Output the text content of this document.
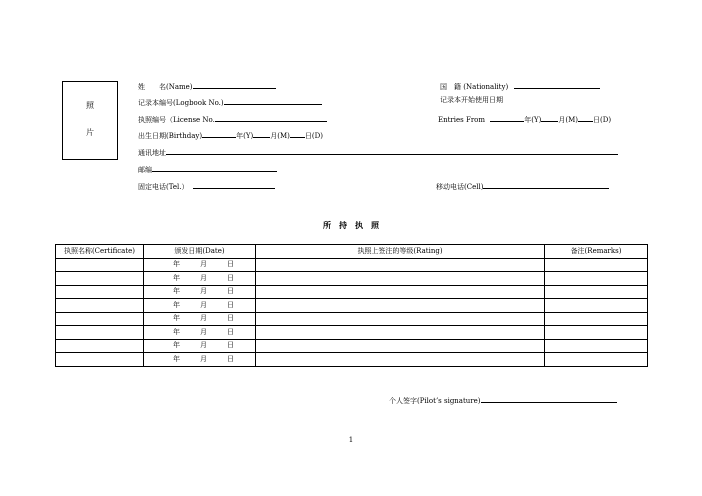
照
片
姓　　名(Name)	国　籍 (Nationality)
记录本编号(Logbook No.)	记录本开始使用日期
执照编号（License No.	Entries From	年(Y) 月(M) 日(D)
出生日期(Birthday)	年(Y) 月(M) 日(D)
通讯地址
邮编
固定电话(Tel.）	移动电话(Cell)
所　持　执　照
执照名称(Certificate)	颁发日期(Date)	执照上签注的等级(Rating)	备注(Remarks)
	年 月 日		
	年 月 日		
	年 月 日		
	年 月 日		
	年 月 日		
	年 月 日		
	年 月 日		
	年 月 日		
个人签字(Pilot’s signature)
1
